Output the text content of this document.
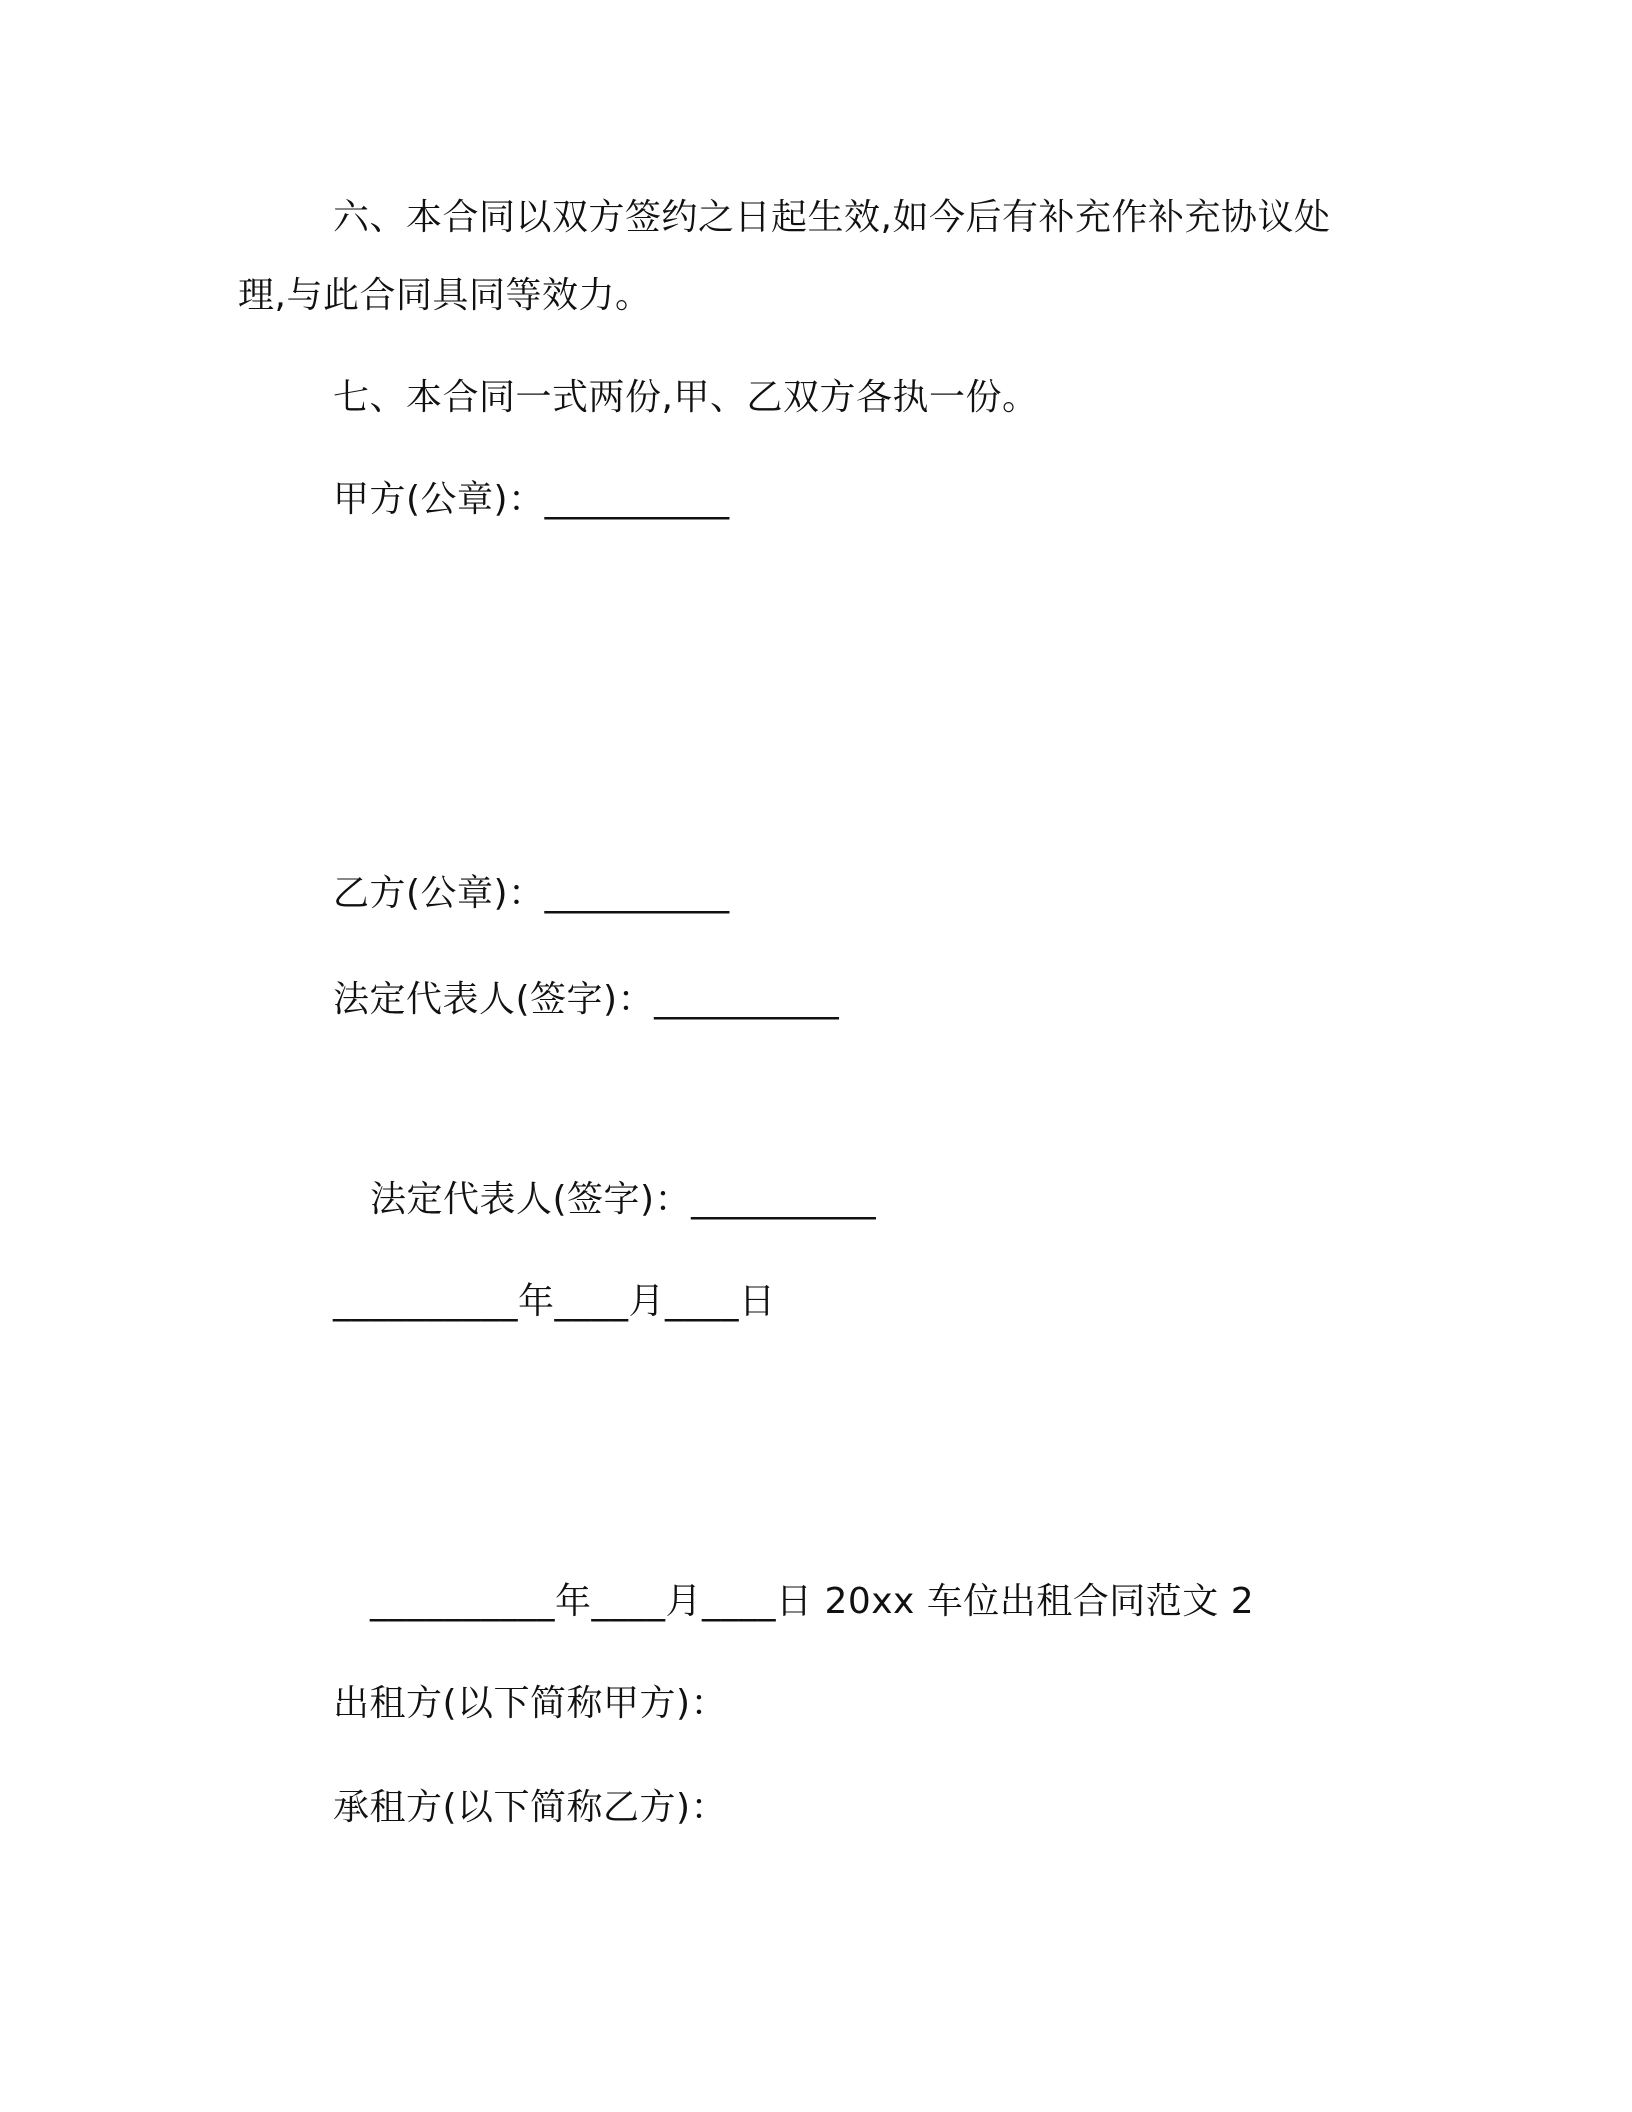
六、本合同以双方签约之日起生效,如今后有补充作补充协议处
理,与此合同具同等效力。
七、本合同一式两份,甲、乙双方各执一份。
甲方(公章)：__________
乙方(公章)：__________
法定代表人(签字)：__________
法定代表人(签字)：__________
__________年____月____日
__________年____月____日 20xx 车位出租合同范文 2
出租方(以下简称甲方)：
承租方(以下简称乙方)：
